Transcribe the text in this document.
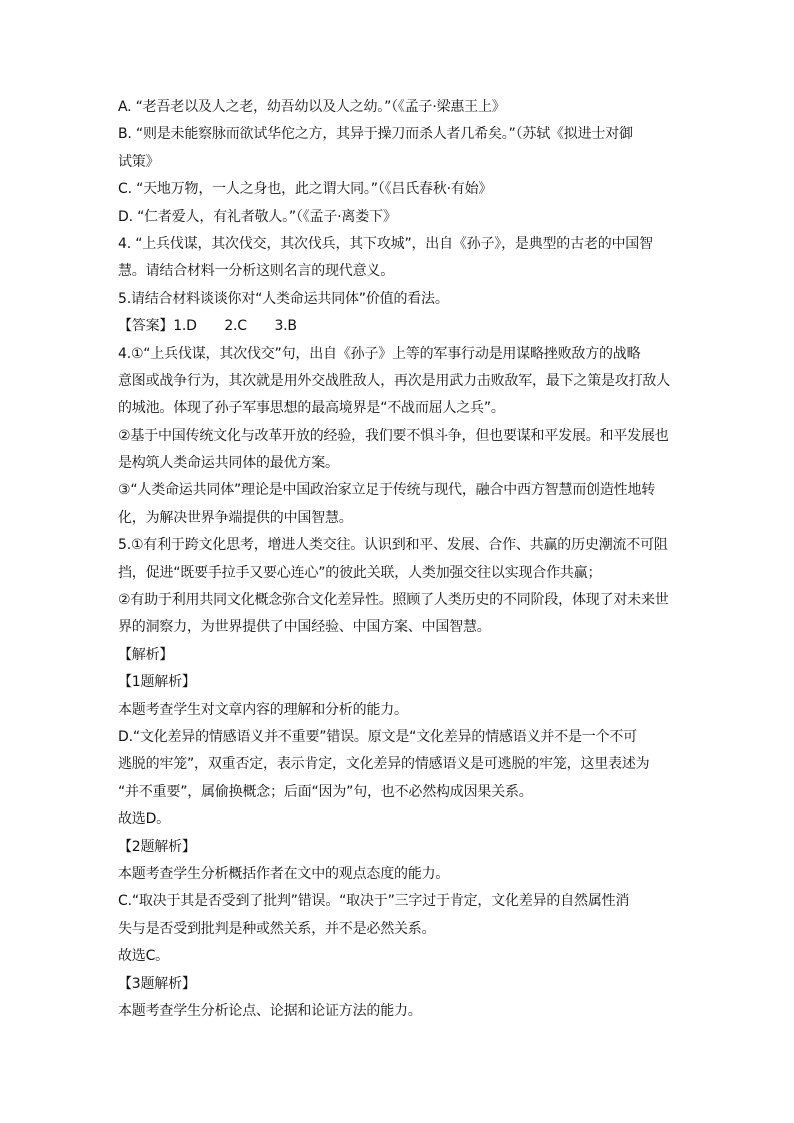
A. “老吾老以及人之老，幼吾幼以及人之幼。”（《孟子·梁惠王上》
B. “则是未能察脉而欲试华佗之方，其异于操刀而杀人者几希矣。”（苏轼《拟进士对御
试策》
C. “天地万物，一人之身也，此之谓大同。”（《吕氏春秋·有始》
D. “仁者爱人，有礼者敬人。”（《孟子·离娄下》
4. “上兵伐谋，其次伐交，其次伐兵，其下攻城”，出自《孙子》，是典型的古老的中国智
慧。请结合材料一分析这则名言的现代意义。
5.请结合材料谈谈你对“人类命运共同体”价值的看法。
【答案】1.D　　2.C　　3.B
4.①“上兵伐谋，其次伐交”句，出自《孙子》上等的军事行动是用谋略挫败敌方的战略
意图或战争行为，其次就是用外交战胜敌人，再次是用武力击败敌军，最下之策是攻打敌人
的城池。体现了孙子军事思想的最高境界是“不战而屈人之兵”。
②基于中国传统文化与改革开放的经验，我们要不惧斗争，但也要谋和平发展。和平发展也
是构筑人类命运共同体的最优方案。
③“人类命运共同体”理论是中国政治家立足于传统与现代，融合中西方智慧而创造性地转
化，为解决世界争端提供的中国智慧。
5.①有利于跨文化思考，增进人类交往。认识到和平、发展、合作、共赢的历史潮流不可阻
挡，促进“既要手拉手又要心连心”的彼此关联，人类加强交往以实现合作共赢；
②有助于利用共同文化概念弥合文化差异性。照顾了人类历史的不同阶段，体现了对未来世
界的洞察力，为世界提供了中国经验、中国方案、中国智慧。
【解析】
【1题解析】
本题考查学生对文章内容的理解和分析的能力。
D.“文化差异的情感语义并不重要”错误。原文是“文化差异的情感语义并不是一个不可
逃脱的牢笼”，双重否定，表示肯定，文化差异的情感语义是可逃脱的牢笼，这里表述为
“并不重要”，属偷换概念；后面“因为”句，也不必然构成因果关系。
故选D。
【2题解析】
本题考查学生分析概括作者在文中的观点态度的能力。
C.“取决于其是否受到了批判”错误。“取决于”三字过于肯定，文化差异的自然属性消
失与是否受到批判是种或然关系，并不是必然关系。
故选C。
【3题解析】
本题考查学生分析论点、论据和论证方法的能力。
